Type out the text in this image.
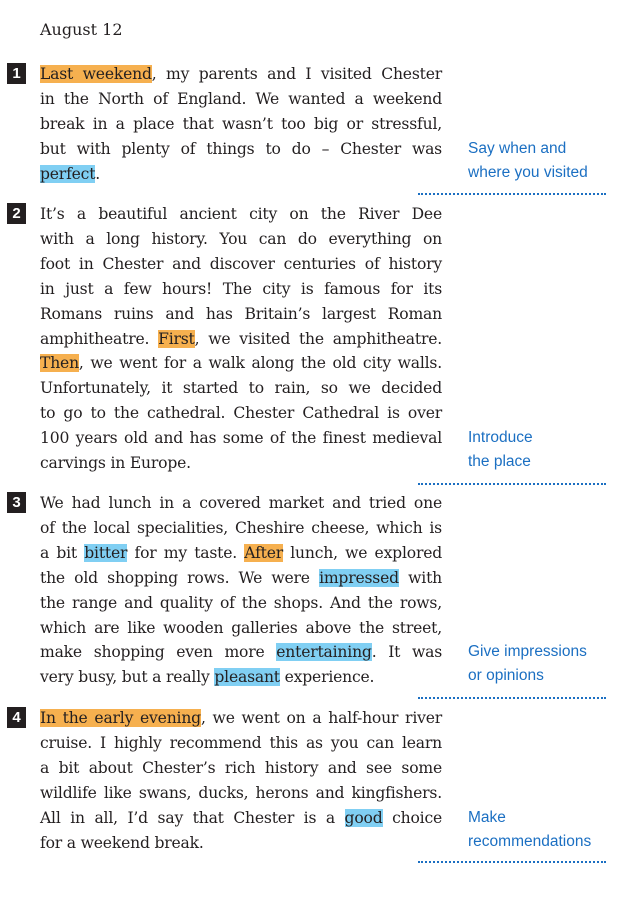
August 12
1	Last weekend, my parents and I visited Chester
in the North of England. We wanted a weekend
break in a place that wasn’t too big or stressful,
but with plenty of things to do – Chester was
perfect.
Say when and
where you visited
2	It’s a beautiful ancient city on the River Dee
with a long history. You can do everything on
foot in Chester and discover centuries of history
in just a few hours! The city is famous for its
Romans ruins and has Britain’s largest Roman
amphitheatre. First, we visited the amphitheatre.
Then, we went for a walk along the old city walls.
Unfortunately, it started to rain, so we decided
to go to the cathedral. Chester Cathedral is over
100 years old and has some of the finest medieval
carvings in Europe.
Introduce
the place
3	We had lunch in a covered market and tried one
of the local specialities, Cheshire cheese, which is
a bit bitter for my taste. After lunch, we explored
the old shopping rows. We were impressed with
the range and quality of the shops. And the rows,
which are like wooden galleries above the street,
make shopping even more entertaining. It was
very busy, but a really pleasant experience.
Give impressions
or opinions
4	In the early evening, we went on a half-hour river
cruise. I highly recommend this as you can learn
a bit about Chester’s rich history and see some
wildlife like swans, ducks, herons and kingfishers.
All in all, I’d say that Chester is a good choice
for a weekend break.
Make
recommendations
